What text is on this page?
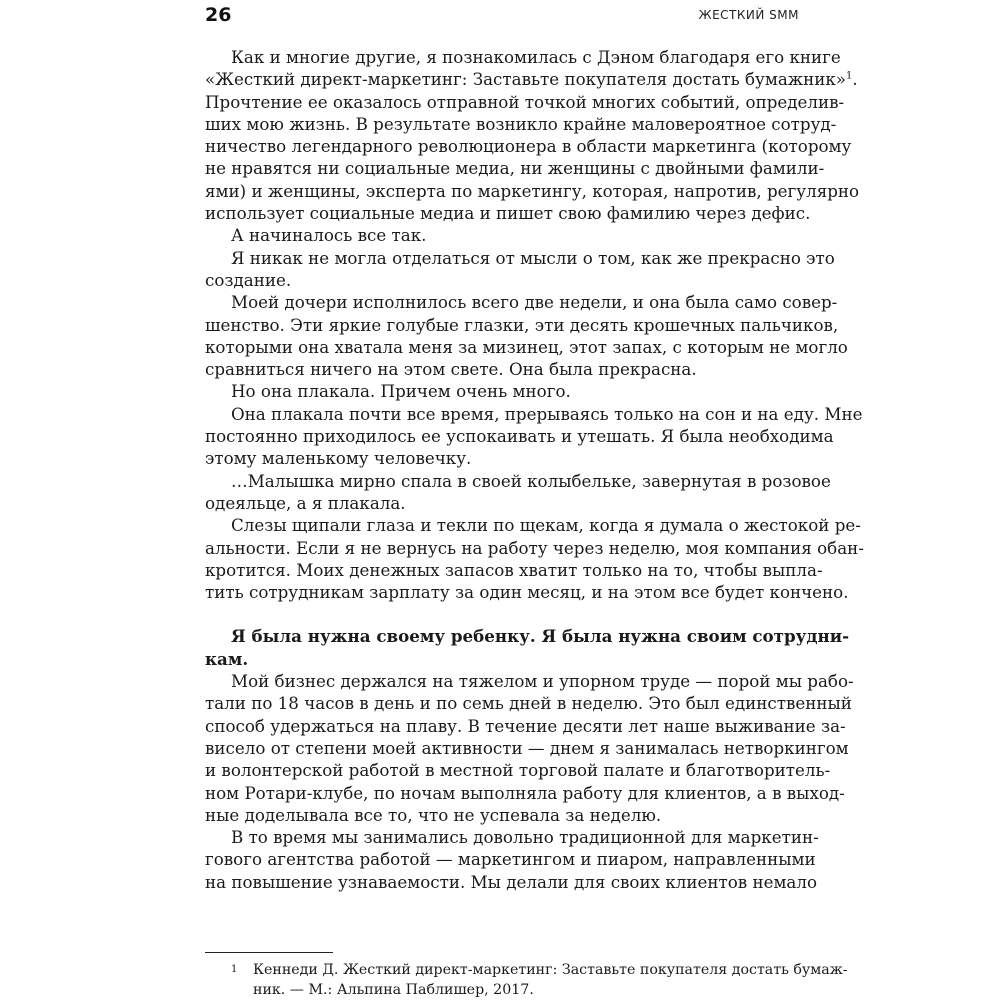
26	ЖЕСТКИЙ SMM
Как и многие другие, я познакомилась с Дэном благодаря его книге
«Жесткий директ-маркетинг: Заставьте покупателя достать бумажник»$^1$.
Прочтение ее оказалось отправной точкой многих событий, определив-
ших мою жизнь. В результате возникло крайне маловероятное сотруд-
ничество легендарного революционера в области маркетинга (которому
не нравятся ни социальные медиа, ни женщины с двойными фамили-
ями) и женщины, эксперта по маркетингу, которая, напротив, регулярно
использует социальные медиа и пишет свою фамилию через дефис.
А начиналось все так.
Я никак не могла отделаться от мысли о том, как же прекрасно это
создание.
Моей дочери исполнилось всего две недели, и она была само совер-
шенство. Эти яркие голубые глазки, эти десять крошечных пальчиков,
которыми она хватала меня за мизинец, этот запах, с которым не могло
сравниться ничего на этом свете. Она была прекрасна.
Но она плакала. Причем очень много.
Она плакала почти все время, прерываясь только на сон и на еду. Мне
постоянно приходилось ее успокаивать и утешать. Я была необходима
этому маленькому человечку.
…Малышка мирно спала в своей колыбельке, завернутая в розовое
одеяльце, а я плакала.
Слезы щипали глаза и текли по щекам, когда я думала о жестокой ре-
альности. Если я не вернусь на работу через неделю, моя компания обан-
кротится. Моих денежных запасов хватит только на то, чтобы выпла-
тить сотрудникам зарплату за один месяц, и на этом все будет кончено.
Я была нужна своему ребенку. Я была нужна своим сотрудни-
кам.
Мой бизнес держался на тяжелом и упорном труде — порой мы рабо-
тали по 18 часов в день и по семь дней в неделю. Это был единственный
способ удержаться на плаву. В течение десяти лет наше выживание за-
висело от степени моей активности — днем я занималась нетворкингом
и волонтерской работой в местной торговой палате и благотворитель-
ном Ротари-клубе, по ночам выполняла работу для клиентов, а в выход-
ные доделывала все то, что не успевала за неделю.
В то время мы занимались довольно традиционной для маркетин-
гового агентства работой — маркетингом и пиаром, направленными
на повышение узнаваемости. Мы делали для своих клиентов немало
1	Кеннеди Д. Жесткий директ-маркетинг: Заставьте покупателя достать бумаж-
ник. — М.: Альпина Паблишер, 2017.
